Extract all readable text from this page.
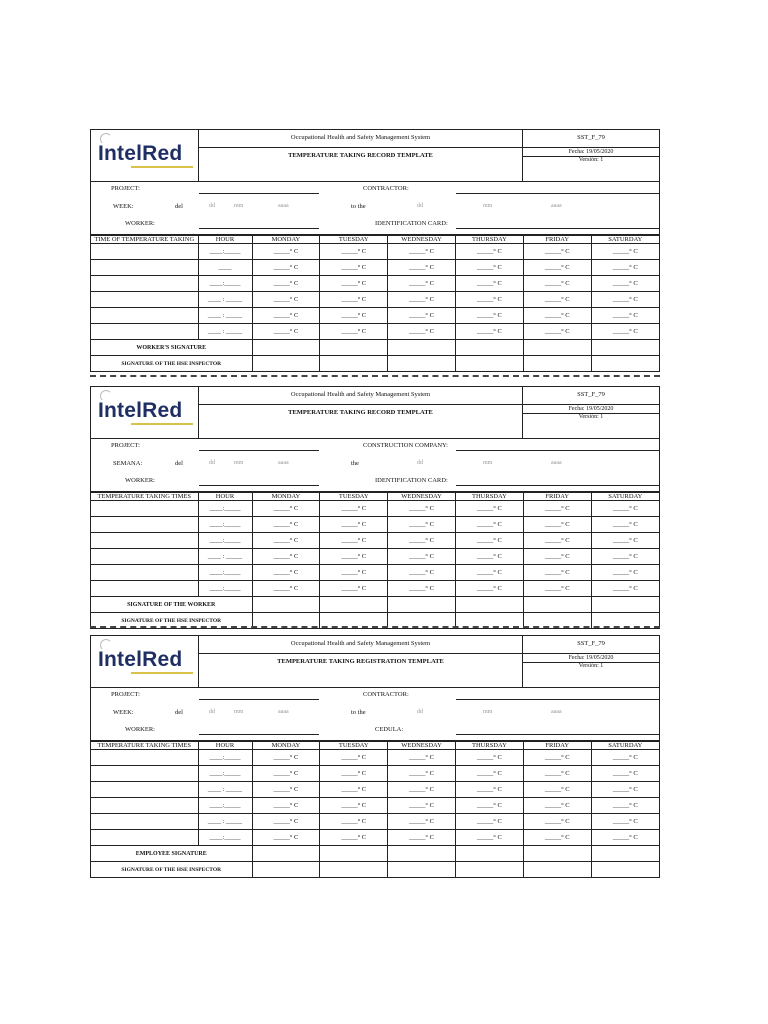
IntelRed
Occupational Health and Safety Management System
TEMPERATURE TAKING RECORD TEMPLATE
SST_F_79
Fecha: 19/05/2020
Versión: 1
PROJECT:	CONTRACTOR:
WEEK:	del	dd	mm	aaaa	to the	dd	mm	aaaa
WORKER:	IDENTIFICATION CARD:
TIME OF TEMPERATURE TAKING	HOUR	MONDAY	TUESDAY	WEDNESDAY	THURSDAY	FRIDAY	SATURDAY
	____:_____	_____° C	_____° C	_____° C	_____° C	_____° C	_____° C
	____	_____° C	_____° C	_____° C	_____° C	_____° C	_____° C
	____:_____	_____° C	_____° C	_____° C	_____° C	_____° C	_____° C
	____ : _____	_____° C	_____° C	_____° C	_____° C	_____° C	_____° C
	____ : _____	_____° C	_____° C	_____° C	_____° C	_____° C	_____° C
	____ : _____	_____° C	_____° C	_____° C	_____° C	_____° C	_____° C
WORKER'S SIGNATURE							
SIGNATURE OF THE HSE INSPECTOR							
IntelRed
Occupational Health and Safety Management System
TEMPERATURE TAKING RECORD TEMPLATE
SST_F_79
Fecha: 19/05/2020
Versión: 1
PROJECT:	CONSTRUCTION COMPANY:
SEMANA:	del	dd	mm	aaaa	the	dd	mm	aaaa
WORKER:	IDENTIFICATION CARD:
TEMPERATURE TAKING TIMES	HOUR	MONDAY	TUESDAY	WEDNESDAY	THURSDAY	FRIDAY	SATURDAY
	____:_____	_____° C	_____° C	_____° C	_____° C	_____° C	_____° C
	____:_____	_____° C	_____° C	_____° C	_____° C	_____° C	_____° C
	____:_____	_____° C	_____° C	_____° C	_____° C	_____° C	_____° C
	____ : _____	_____° C	_____° C	_____° C	_____° C	_____° C	_____° C
	____:_____	_____° C	_____° C	_____° C	_____° C	_____° C	_____° C
	____:_____	_____° C	_____° C	_____° C	_____° C	_____° C	_____° C
SIGNATURE OF THE WORKER							
SIGNATURE OF THE HSE INSPECTOR							
IntelRed
Occupational Health and Safety Management System
TEMPERATURE TAKING REGISTRATION TEMPLATE
SST_F_79
Fecha: 19/05/2020
Versión: 1
PROJECT:	CONTRACTOR:
WEEK:	del	dd	mm	aaaa	to the	dd	mm	aaaa
WORKER:	CEDULA:
TEMPERATURE TAKING TIMES	HOUR	MONDAY	TUESDAY	WEDNESDAY	THURSDAY	FRIDAY	SATURDAY
	____:_____	_____° C	_____° C	_____° C	_____° C	_____° C	_____° C
	____:_____	_____° C	_____° C	_____° C	_____° C	_____° C	_____° C
	____ : _____	_____° C	_____° C	_____° C	_____° C	_____° C	_____° C
	____:_____	_____° C	_____° C	_____° C	_____° C	_____° C	_____° C
	____ : _____	_____° C	_____° C	_____° C	_____° C	_____° C	_____° C
	____:_____	_____° C	_____° C	_____° C	_____° C	_____° C	_____° C
EMPLOYEE SIGNATURE							
SIGNATURE OF THE HSE INSPECTOR							
